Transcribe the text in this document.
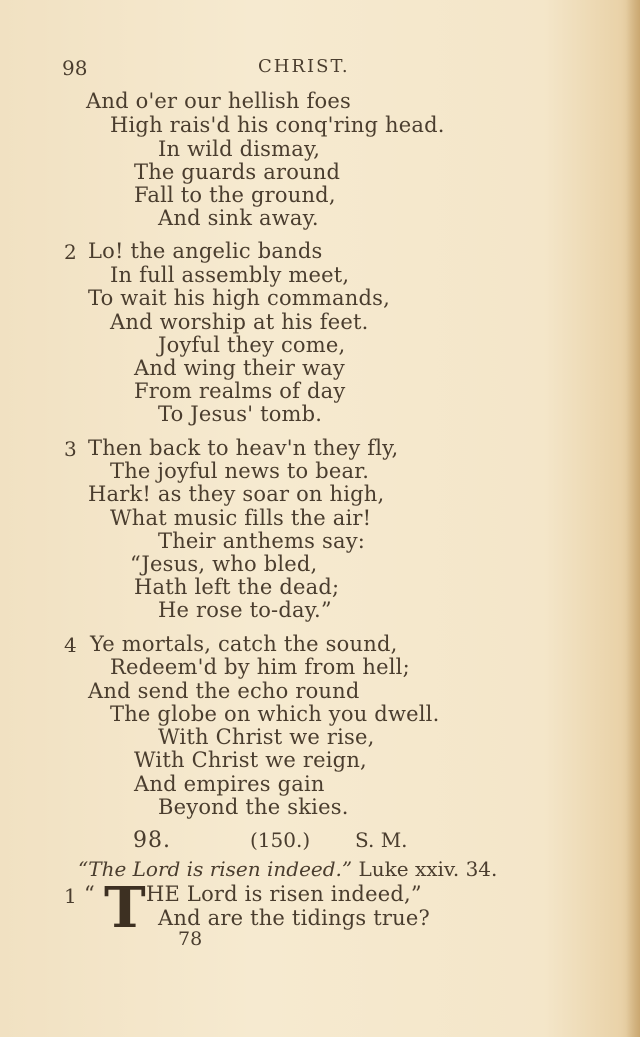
98	CHRIST.
And o'er our hellish foes
High rais'd his conq'ring head.
In wild dismay,
The guards around
Fall to the ground,
And sink away.
2 Lo! the angelic bands
In full assembly meet,
To wait his high commands,
And worship at his feet.
Joyful they come,
And wing their way
From realms of day
To Jesus' tomb.
3 Then back to heav'n they fly,
The joyful news to bear.
Hark! as they soar on high,
What music fills the air!
Their anthems say:
“Jesus, who bled,
Hath left the dead;
He rose to-day.”
4 Ye mortals, catch the sound,
Redeem'd by him from hell;
And send the echo round
The globe on which you dwell.
With Christ we rise,
With Christ we reign,
And empires gain
Beyond the skies.
98.	(150.) S. M.
“The Lord is risen indeed.” Luke xxiv. 34.
1 “ T HE Lord is risen indeed,”
And are the tidings true?
78
